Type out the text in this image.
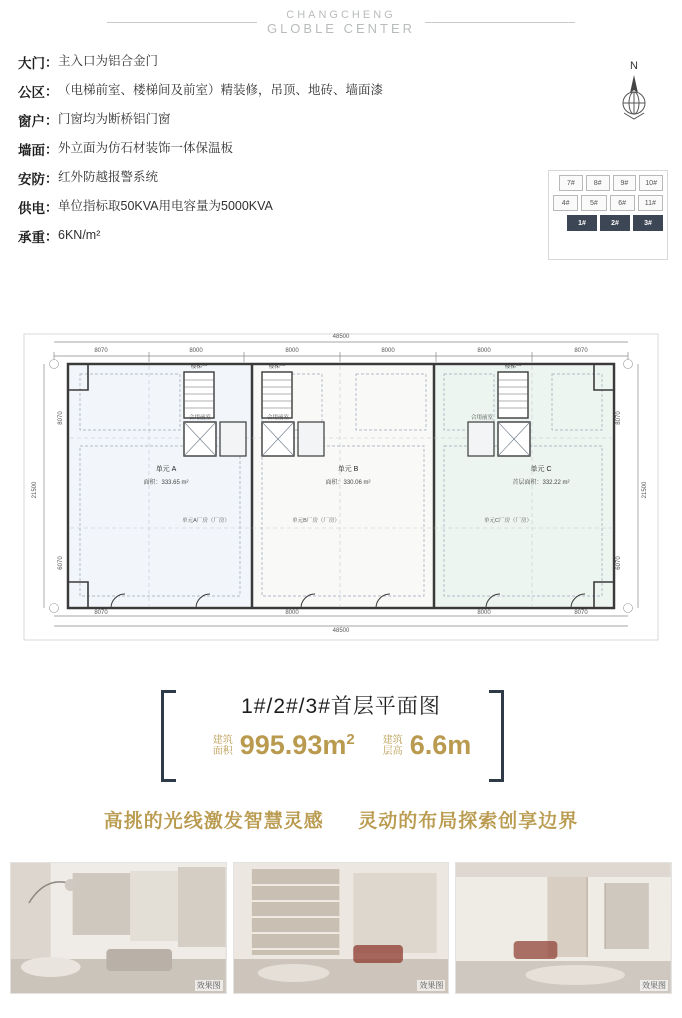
CHANGCHENG
GLOBLE CENTER
大门 ： 主入口为铝合金门
公区 ： （电梯前室、楼梯间及前室）精装修，吊顶、地砖、墙面漆
窗户 ： 门窗均为断桥铝门窗
墙面 ： 外立面为仿石材装饰一体保温板
安防 ： 红外防越报警系统
供电 ： 单位指标取50KVA用电容量为5000KVA
承重 ： 6KN/m²
N
7#	8#	9#	10#
4#	5#	6#	11#
1#	2#	3#
48500
8070	8000	8000	8000	8000	8070
8070	8000	8000	8070
48500
21500	21500
8070
6070
8070
6070
楼梯一	楼梯一	楼梯一
合用前室	合用前室	合用前室
单元 A
面积：333.65 m²
单元 B
面积：330.06 m²
单元 C
首层面积：332.22 m²
单元A厂房（厂房）	单元B厂房（厂房）	单元C厂房（厂房）
1#/2#/3#首层平面图
建筑
面积 $995.93m^2$	建筑
层高 6.6m
高挑的光线激发智慧灵感 灵动的布局探索创享边界
效果图	效果图	效果图
